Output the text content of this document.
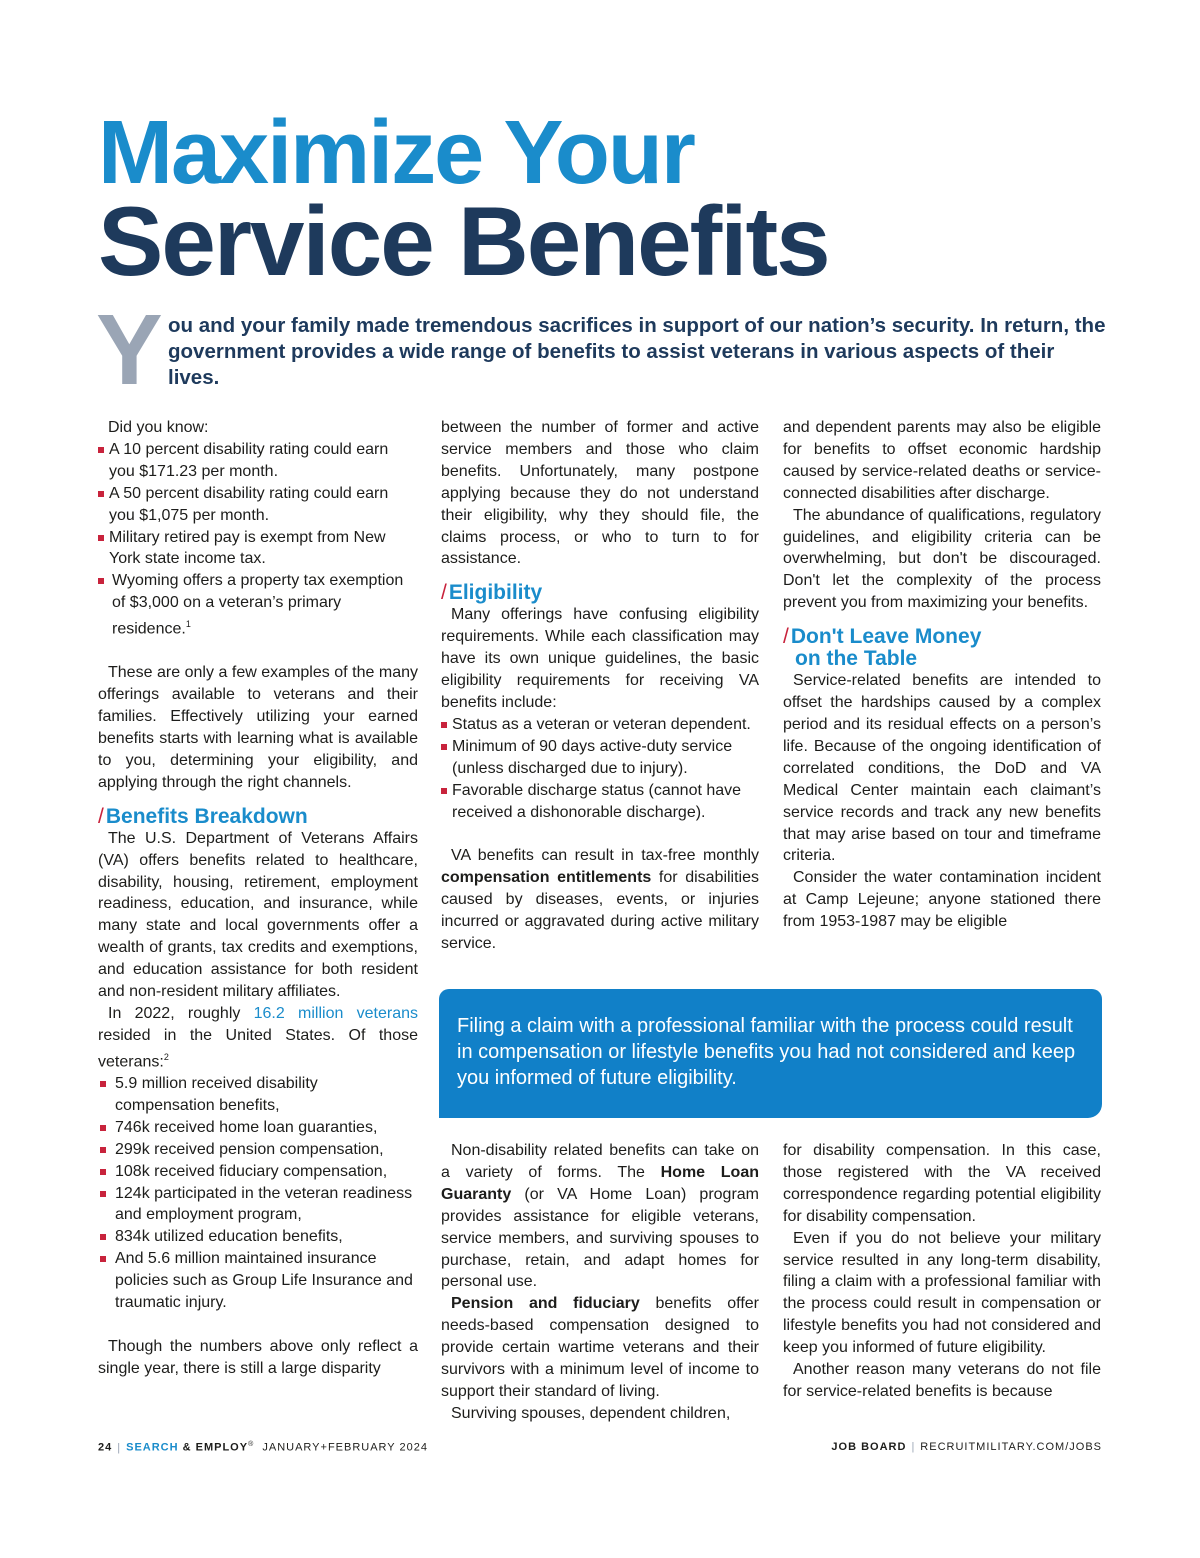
Maximize Your
Service Benefits
Y ou and your family made tremendous sacrifices in support of our nation’s security. In return, the government provides a wide range of benefits to assist veterans in various aspects of their lives.

Did you know:

A 10 percent disability rating could earn you $171.23 per month.
A 50 percent disability rating could earn you $1,075 per month.
Military retired pay is exempt from New York state income tax.
Wyoming offers a property tax exemption of $3,000 on a veteran’s primary residence.$^1$

These are only a few examples of the many offerings available to veterans and their families. Effectively utilizing your earned benefits starts with learning what is available to you, determining your eligibility, and applying through the right channels.

/Benefits Breakdown

The U.S. Department of Veterans Affairs (VA) offers benefits related to healthcare, disability, housing, retirement, employment readiness, education, and insurance, while many state and local governments offer a wealth of grants, tax credits and exemptions, and education assistance for both resident and non-resident military affiliates.

In 2022, roughly 16.2 million veterans resided in the United States. Of those veterans:$^2$

5.9 million received disability compensation benefits,
746k received home loan guaranties,
299k received pension compensation,
108k received fiduciary compensation,
124k participated in the veteran readiness and employment program,
834k utilized education benefits,
And 5.6 million maintained insurance policies such as Group Life Insurance and traumatic injury.

Though the numbers above only reflect a single year, there is still a large disparity

between the number of former and active service members and those who claim benefits. Unfortunately, many postpone applying because they do not understand their eligibility, why they should file, the claims process, or who to turn to for assistance.

/Eligibility

Many offerings have confusing eligibility requirements. While each classification may have its own unique guidelines, the basic eligibility requirements for receiving VA benefits include:

Status as a veteran or veteran dependent.
Minimum of 90 days active-duty service (unless discharged due to injury).
Favorable discharge status (cannot have received a dishonorable discharge).

VA benefits can result in tax-free monthly compensation entitlements for disabilities caused by diseases, events, or injuries incurred or aggravated during active military service.

and dependent parents may also be eligible for benefits to offset economic hardship caused by service-related deaths or service-connected disabilities after discharge.

The abundance of qualifications, regulatory guidelines, and eligibility criteria can be overwhelming, but don't be discouraged. Don't let the complexity of the process prevent you from maximizing your benefits.

/Don't Leave Money
on the Table

Service-related benefits are intended to offset the hardships caused by a complex period and its residual effects on a person’s life. Because of the ongoing identification of correlated conditions, the DoD and VA Medical Center maintain each claimant’s service records and track any new benefits that may arise based on tour and timeframe criteria.

Consider the water contamination incident at Camp Lejeune; anyone stationed there from 1953-1987 may be eligible

Filing a claim with a professional familiar with the process could result in compensation or lifestyle benefits you had not considered and keep you informed of future eligibility.

Non-disability related benefits can take on a variety of forms. The Home Loan Guaranty (or VA Home Loan) program provides assistance for eligible veterans, service members, and surviving spouses to purchase, retain, and adapt homes for personal use.

Pension and fiduciary benefits offer needs-based compensation designed to provide certain wartime veterans and their survivors with a minimum level of income to support their standard of living.

Surviving spouses, dependent children,

for disability compensation. In this case, those registered with the VA received correspondence regarding potential eligibility for disability compensation.

Even if you do not believe your military service resulted in any long-term disability, filing a claim with a professional familiar with the process could result in compensation or lifestyle benefits you had not considered and keep you informed of future eligibility.

Another reason many veterans do not file for service-related benefits is because

24 | SEARCH & EMPLOY® JANUARY+FEBRUARY 2024	JOB BOARD | RECRUITMILITARY.COM/JOBS
